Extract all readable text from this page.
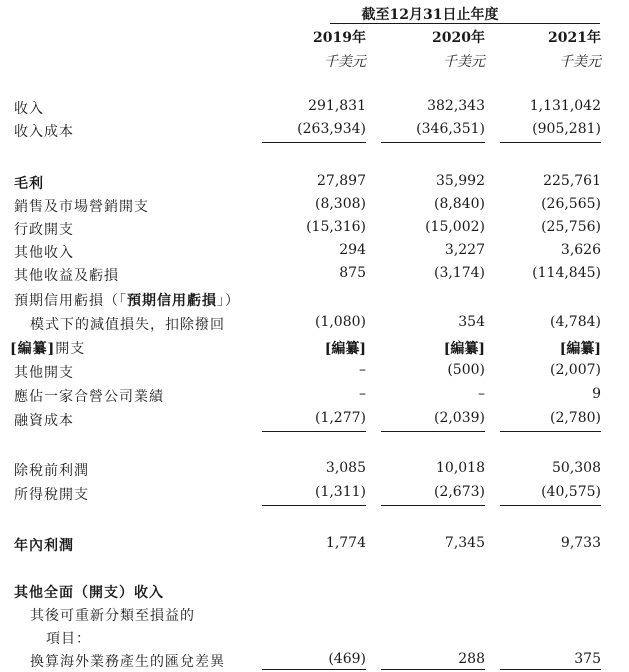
截至12月31日止年度
2019年	2020年	2021年
千美元	千美元	千美元
收入	291,831	382,343	1,131,042
收入成本	(263,934)	(346,351)	(905,281)
毛利	27,897	35,992	225,761
銷售及市場營銷開支	(8,308)	(8,840)	(26,565)
行政開支	(15,316)	(15,002)	(25,756)
其他收入	294	3,227	3,626
其他收益及虧損	875	(3,174)	(114,845)
預期信用虧損（「預期信用虧損」）
模式下的減值損失，扣除撥回	(1,080)	354	(4,784)
[編纂]開支	[編纂]	[編纂]	[編纂]
其他開支	–	(500)	(2,007)
應佔一家合營公司業績	–	–	9
融資成本	(1,277)	(2,039)	(2,780)
除稅前利潤	3,085	10,018	50,308
所得稅開支	(1,311)	(2,673)	(40,575)
年內利潤	1,774	7,345	9,733
其他全面（開支）收入
其後可重新分類至損益的
項目：
換算海外業務產生的匯兌差異	(469)	288	375
